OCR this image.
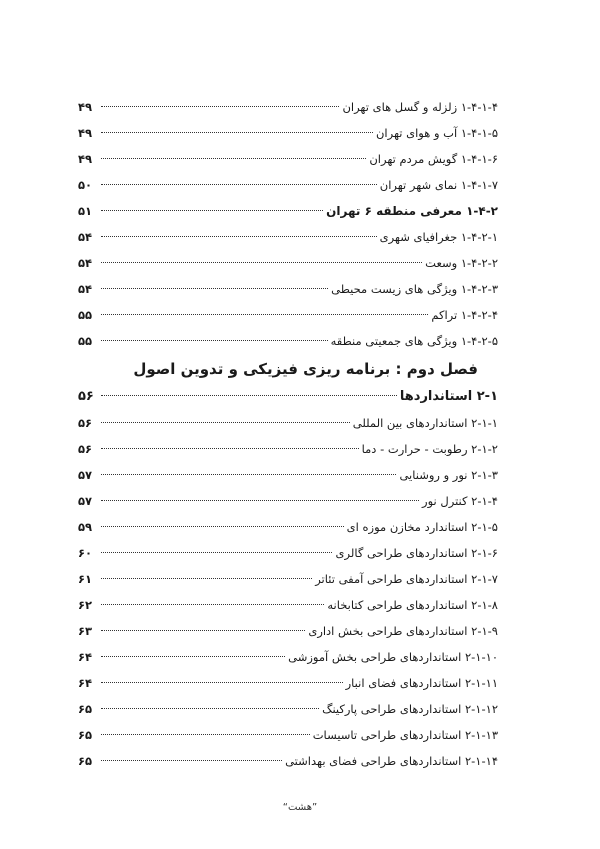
۱-۴-۱-۴ زلزله و گسل های تهران
۴۹
۱-۴-۱-۵ آب و هوای تهران
۴۹
۱-۴-۱-۶ گویش مردم تهران
۴۹
۱-۴-۱-۷ نمای شهر تهران
۵۰
۱-۴-۲ معرفی منطقه ۶ تهران
۵۱
۱-۴-۲-۱ جغرافیای شهری
۵۴
۱-۴-۲-۲ وسعت
۵۴
۱-۴-۲-۳ ویژگی های زیست محیطی
۵۴
۱-۴-۲-۴ تراکم
۵۵
۱-۴-۲-۵ ویژگی های جمعیتی منطقه
۵۵
فصل دوم : برنامه ریزی فیزیکی و تدوین اصول
۲-۱ استانداردها
۵۶
۲-۱-۱ استانداردهای بین المللی
۵۶
۲-۱-۲ رطوبت - حرارت - دما
۵۶
۲-۱-۳ نور و روشنایی
۵۷
۲-۱-۴ کنترل نور
۵۷
۲-۱-۵ استاندارد مخازن موزه ای
۵۹
۲-۱-۶ استانداردهای طراحی گالری
۶۰
۲-۱-۷ استانداردهای طراحی آمفی تئاتر
۶۱
۲-۱-۸ استانداردهای طراحی کتابخانه
۶۲
۲-۱-۹ استانداردهای طراحی بخش اداری
۶۳
۲-۱-۱۰ استانداردهای طراحی بخش آموزشی
۶۴
۲-۱-۱۱ استانداردهای فضای انبار
۶۴
۲-۱-۱۲ استانداردهای طراحی پارکینگ
۶۵
۲-۱-۱۳ استانداردهای طراحی تاسیسات
۶۵
۲-۱-۱۴ استانداردهای طراحی فضای بهداشتی
۶۵
“هشت”
